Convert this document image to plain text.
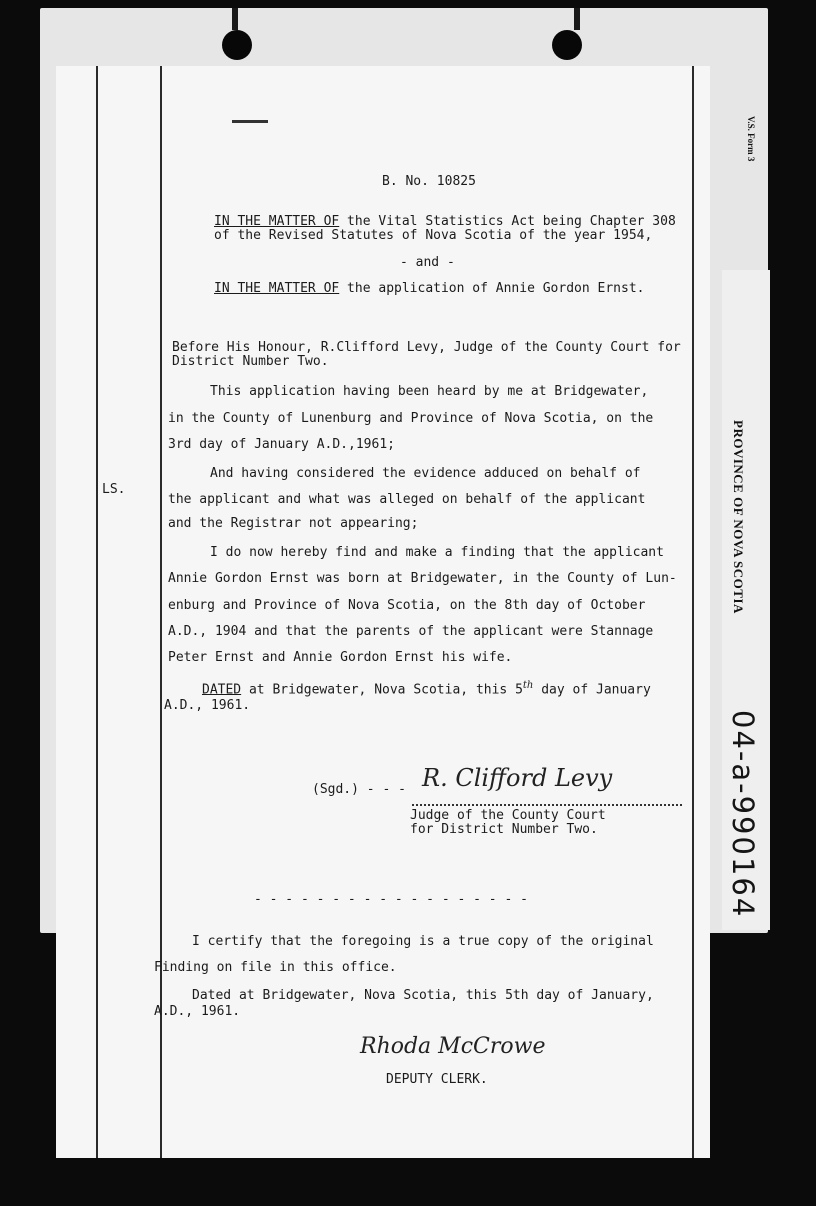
V.S. Form 3
PROVINCE OF NOVA SCOTIA
04-a-990164
B. No. 10825
IN THE MATTER OF the Vital Statistics Act being Chapter 308
of the Revised Statutes of Nova Scotia of the year 1954,
- and -
IN THE MATTER OF the application of Annie Gordon Ernst.
Before His Honour, R.Clifford Levy, Judge of the County Court for
District Number Two.
This application having been heard by me at Bridgewater,
in the County of Lunenburg and Province of Nova Scotia, on the
3rd day of January A.D.,1961;
LS.
And having considered the evidence adduced on behalf of
the applicant and what was alleged on behalf of the applicant
and the Registrar not appearing;
I do now hereby find and make a finding that the applicant
Annie Gordon Ernst was born at Bridgewater, in the County of Lun-
enburg and Province of Nova Scotia, on the 8th day of October
A.D., 1904 and that the parents of the applicant were Stannage
Peter Ernst and Annie Gordon Ernst his wife.
DATED at Bridgewater, Nova Scotia, this 5th day of January
A.D., 1961.
(Sgd.) - - - R. Clifford Levy
Judge of the County Court
for District Number Two.
- - - - - - - - - - - - - - - - - -
I certify that the foregoing is a true copy of the original
Finding on file in this office.
Dated at Bridgewater, Nova Scotia, this 5th day of January,
A.D., 1961.
Rhoda McCrowe
DEPUTY CLERK.
